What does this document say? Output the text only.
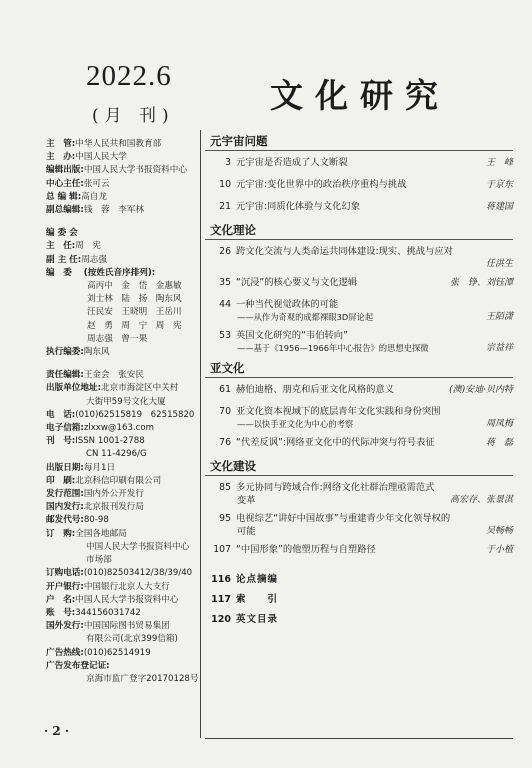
2022.6
(月 刊)
文化研究
主　管: 中华人民共和国教育部
主　办: 中国人民大学
编辑出版: 中国人民大学书报资料中心
中心主任: 张可云
总 编 辑: 高自龙
副总编辑: 钱　蓉　李军林
编 委 会
主　任: 周　宪
副 主 任: 周志强
编　委	(按姓氏音序排列):
高丙中　金　岱　金惠敏
刘士林　陆　扬　陶东风
汪民安　王晓明　王岳川
赵　勇　周　宁　周　宪
周志强　曾一果
执行编委: 陶东风
责任编辑: 王金会　张安民
出版单位地址: 北京市海淀区中关村
大街甲59号文化大厦
电　话: (010)62515819　62515820
电子信箱: zlxxw@163.com
刊　号: ISSN 1001-2788
CN 11-4296/G
出版日期: 每月1日
印　刷: 北京科信印刷有限公司
发行范围: 国内外公开发行
国内发行: 北京报刊发行局
邮发代号: 80-98
订　购: 全国各地邮局
中国人民大学书报资料中心
市场部
订购电话: (010)82503412/38/39/40
开户银行: 中国银行北京人大支行
户　名: 中国人民大学书报资料中心
账　号: 344156031742
国外发行: 中国国际图书贸易集团
有限公司(北京399信箱)
广告热线: (010)62514919
广告发布登记证:
京海市监广登字20170128号
元宇宙问题
3 元宇宙是否造成了人文断裂	王　峰
10 元宇宙:变化世界中的政治秩序重构与挑战	于京东
21 元宇宙:同质化体验与文化幻象	蒋建国
文化理论
26 跨文化交流与人类命运共同体建设:现实、挑战与应对
任洪生
35 “沉浸”的核心要义与文化逻辑	张　铮、刘钰潭
44 一种当代视觉政体的可能
——从作为奇观的成都裸眼3D屏论起	王陌潇
53 英国文化研究的“韦伯转向”
——基于《1956—1966年中心报告》的思想史探微	宗益祥
亚文化
61 赫伯迪格、朋克和后亚文化风格的意义	(澳)安迪·贝内特
70 亚文化资本视域下的底层青年文化实践和身份突围
——以快手亚文化为中心的考察	周凤梅
76 “代差反讽”:网络亚文化中的代际冲突与符号表征	蒋　磊
文化建设
85 多元协同与跨域合作:网络文化社群治理亟需范式
变革	高宏存、张景淇
95 电视综艺“讲好中国故事”与重建青少年文化领导权的
可能	吴畅畅
107 “中国形象”的他塑历程与自塑路径	于小植
116 论点摘编
117 索　　引
120 英文目录
· 2 ·
